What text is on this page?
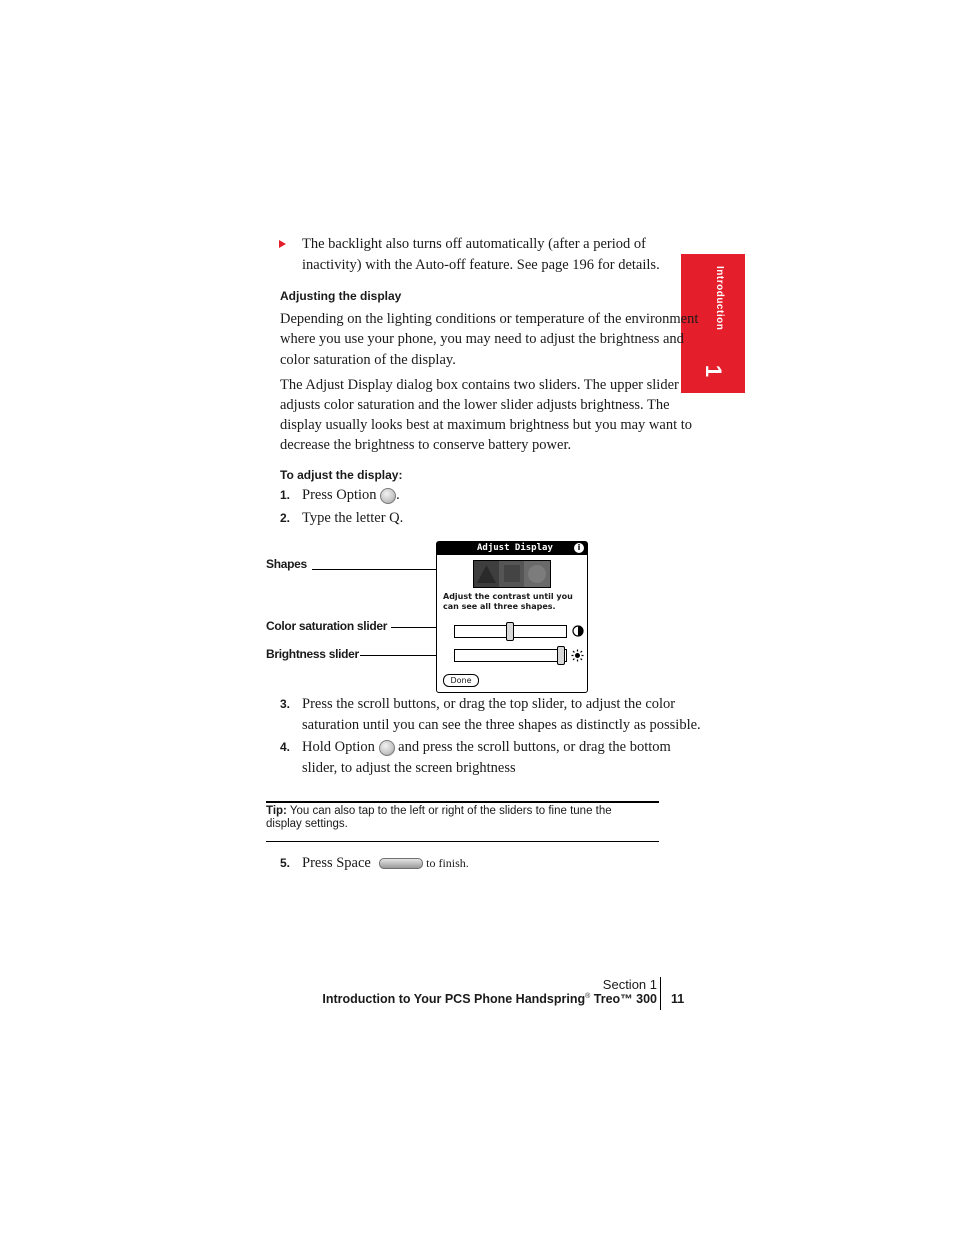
Introduction
1
The backlight also turns off automatically (after a period of
inactivity) with the Auto-off feature. See page 196 for details.
Adjusting the display
Depending on the lighting conditions or temperature of the environment
where you use your phone, you may need to adjust the brightness and
color saturation of the display.
The Adjust Display dialog box contains two sliders. The upper slider
adjusts color saturation and the lower slider adjusts brightness. The
display usually looks best at maximum brightness but you may want to
decrease the brightness to conserve battery power.
To adjust the display:
1. Press Option .
2. Type the letter Q.
Shapes
Color saturation slider
Brightness slider
Adjust Display	i
Adjust the contrast until you
can see all three shapes.
Done
3. Press the scroll buttons, or drag the top slider, to adjust the color
saturation until you can see the three shapes as distinctly as possible.
4. Hold Option and press the scroll buttons, or drag the bottom
slider, to adjust the screen brightness
Tip: You can also tap to the left or right of the sliders to fine tune the
display settings.
5. Press Space	to finish.
Section 1
Introduction to Your PCS Phone Handspring® Treo™ 300 11
